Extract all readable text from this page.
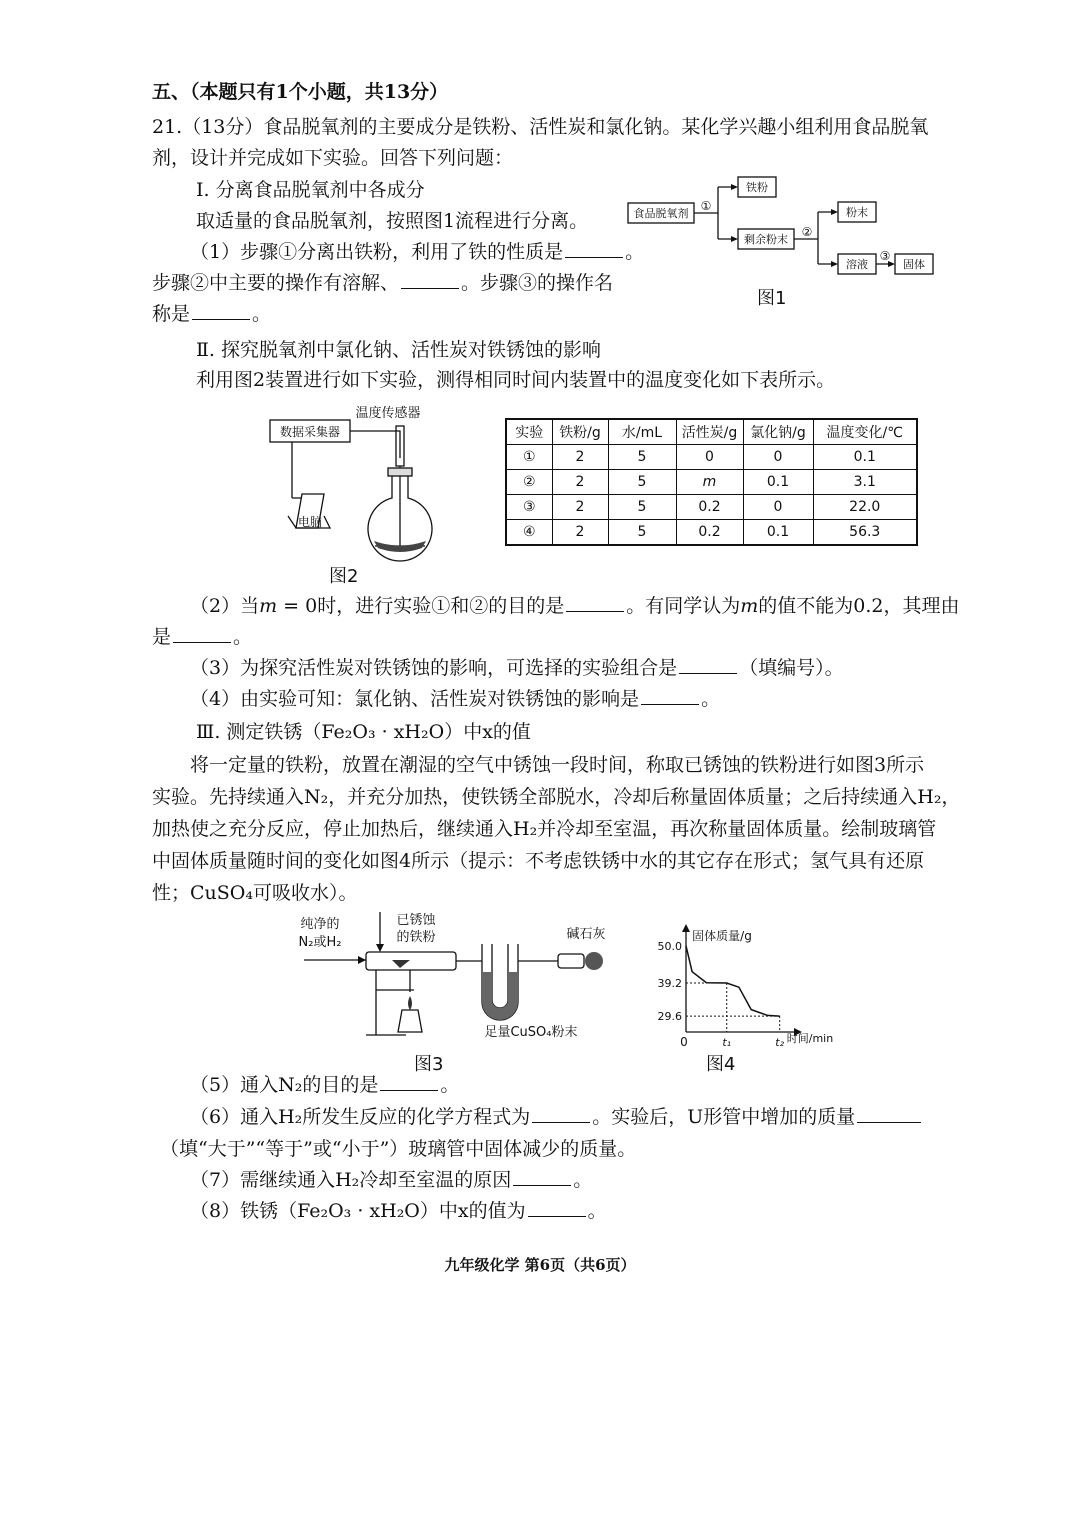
五、（本题只有1个小题，共13分）
21.（13分）食品脱氧剂的主要成分是铁粉、活性炭和氯化钠。某化学兴趣小组利用食品脱氧
剂，设计并完成如下实验。回答下列问题：
Ⅰ. 分离食品脱氧剂中各成分
取适量的食品脱氧剂，按照图1流程进行分离。
（1）步骤①分离出铁粉，利用了铁的性质是	。
步骤②中主要的操作有溶解、	。步骤③的操作名
称是	。
食品脱氧剂
①
铁粉
剩余粉末
②
粉末
溶液
③
固体
图1
Ⅱ. 探究脱氧剂中氯化钠、活性炭对铁锈蚀的影响
利用图2装置进行如下实验，测得相同时间内装置中的温度变化如下表所示。
数据采集器
温度传感器
电脑
图2
实验	铁粉/g	水/mL	活性炭/g	氯化钠/g	温度变化/℃
①	2	5	0	0	0.1
②	2	5	m	0.1	3.1
③	2	5	0.2	0	22.0
④	2	5	0.2	0.1	56.3
（2）当m = 0时，进行实验①和②的目的是	。有同学认为m的值不能为0.2，其理由
是	。
（3）为探究活性炭对铁锈蚀的影响，可选择的实验组合是	（填编号）。
（4）由实验可知：氯化钠、活性炭对铁锈蚀的影响是	。
Ⅲ. 测定铁锈（Fe₂O₃ · xH₂O）中x的值
将一定量的铁粉，放置在潮湿的空气中锈蚀一段时间，称取已锈蚀的铁粉进行如图3所示
实验。先持续通入N₂，并充分加热，使铁锈全部脱水，冷却后称量固体质量；之后持续通入H₂，
加热使之充分反应，停止加热后，继续通入H₂并冷却至室温，再次称量固体质量。绘制玻璃管
中固体质量随时间的变化如图4所示（提示：不考虑铁锈中水的其它存在形式；氢气具有还原
性；CuSO₄可吸收水）。
纯净的
N₂或H₂
已锈蚀
的铁粉	碱石灰
足量CuSO₄粉末
图3
固体质量/g
时间/min
0
50.0
39.2
29.6
t₁	t₂
图4
（5）通入N₂的目的是	。
（6）通入H₂所发生反应的化学方程式为	。实验后，U形管中增加的质量
（填“大于”“等于”或“小于”）玻璃管中固体减少的质量。
（7）需继续通入H₂冷却至室温的原因	。
（8）铁锈（Fe₂O₃ · xH₂O）中x的值为	。
九年级化学 第6页（共6页）
